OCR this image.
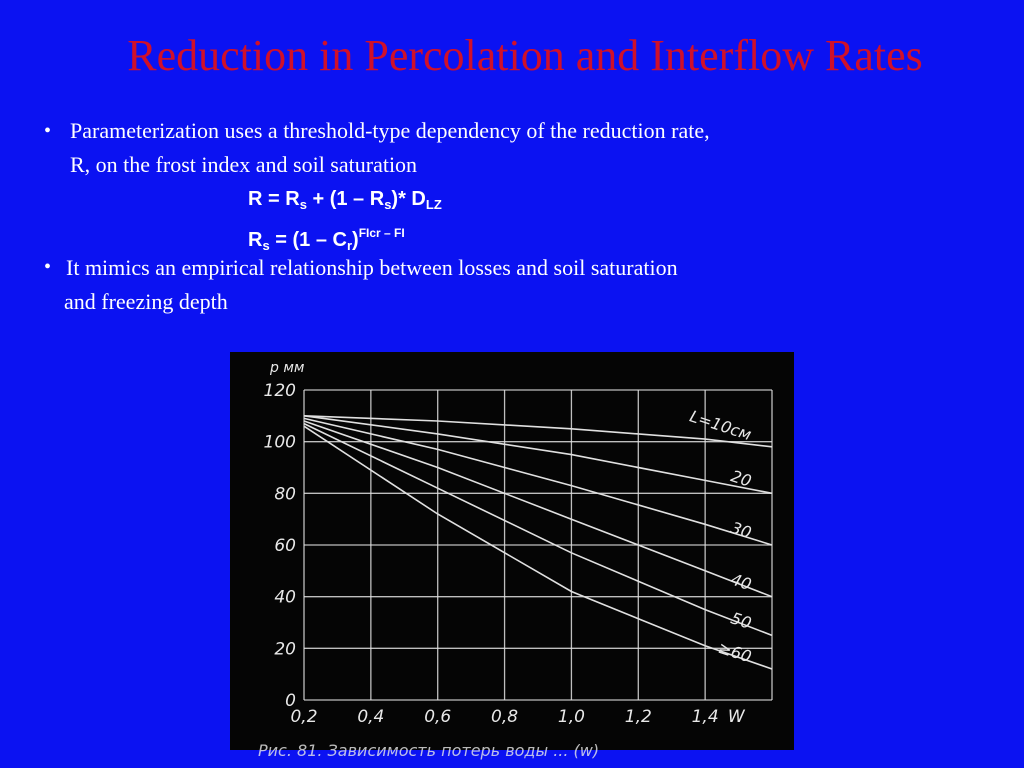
Reduction in Percolation and Interflow Rates
• Parameterization uses a threshold-type dependency of the reduction rate,
R, on the frost index and soil saturation
$R = R_s + (1 - R_s)*$ $D_{LZ}$
$R_s = (1 - C_r)^{FIcr - FI}$
• It mimics an empirical relationship between losses and soil saturation
and freezing depth
0
20
40
60
80
100
120
0,2 0,4 0,6 0,8 1,0 1,2 1,4 W
p мм
L=10см
20
30
40
50
≥60
Рис. 81. Зависимость потерь воды ... (w)
